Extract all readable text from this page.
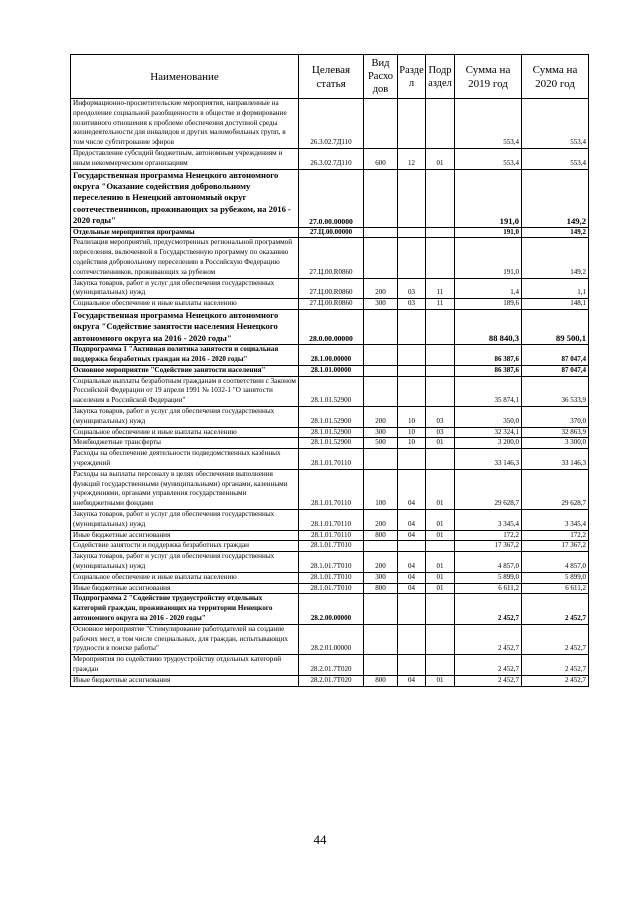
Наименование	Целевая статья	Вид Расхо дов	Разде л	Подр аздел	Сумма на 2019 год	Сумма на 2020 год
Информационно-просветительские мероприятия, направленные на преодоление социальной разобщенности в обществе и формирование позитивного отношения к проблеме обеспечения доступной среды жизнедеятельности для инвалидов и других маломобильных групп, в том числе субтитрование эфиров	26.3.02.7Д110				553,4	553,4
Предоставление субсидий бюджетным, автономным учреждениям и иным некоммерческим организациям	26.3.02.7Д110	600	12	01	553,4	553,4
Государственная программа Ненецкого автономного округа "Оказание содействия добровольному переселению в Ненецкий автономный округ соотечественников, проживающих за рубежом, на 2016 - 2020 годы"	27.0.00.00000				191,0	149,2
Отдельные мероприятия программы	27.Ц.00.00000				191,0	149,2
Реализация мероприятий, предусмотренных региональной программой переселения, включенной в Государственную программу по оказанию содействия добровольному переселению в Российскую Федерацию соотечественников, проживающих за рубежом	27.Ц.00.R0860				191,0	149,2
Закупка товаров, работ и услуг для обеспечения государственных (муниципальных) нужд	27.Ц.00.R0860	200	03	11	1,4	1,1
Социальное обеспечение и иные выплаты населению	27.Ц.00.R0860	300	03	11	189,6	148,1
Государственная программа Ненецкого автономного округа "Содействие занятости населения Ненецкого автономного округа на 2016 - 2020 годы"	28.0.00.00000				88 840,3	89 500,1
Подпрограмма 1 "Активная политика занятости и социальная поддержка безработных граждан на 2016 - 2020 годы"	28.1.00.00000				86 387,6	87 047,4
Основное мероприятие "Содействие занятости населения"	28.1.01.00000				86 387,6	87 047,4
Социальные выплаты безработным гражданам в соответствии с Законом Российской Федерации от 19 апреля 1991 № 1032-1 "О занятости населения в Российской Федерации"	28.1.01.52900				35 874,1	36 533,9
Закупка товаров, работ и услуг для обеспечения государственных (муниципальных) нужд	28.1.01.52900	200	10	03	350,0	370,0
Социальное обеспечение и иные выплаты населению	28.1.01.52900	300	10	03	32 324,1	32 863,9
Межбюджетные трансферты	28.1.01.52900	500	10	01	3 200,0	3 300,0
Расходы на обеспечение деятельности подведомственных казённых учреждений	28.1.01.70110				33 146,3	33 146,3
Расходы на выплаты персоналу в целях обеспечения выполнения функций государственными (муниципальными) органами, казенными учреждениями, органами управления государственными внебюджетными фондами	28.1.01.70110	100	04	01	29 628,7	29 628,7
Закупка товаров, работ и услуг для обеспечения государственных (муниципальных) нужд	28.1.01.70110	200	04	01	3 345,4	3 345,4
Иные бюджетные ассигнования	28.1.01.70110	800	04	01	172,2	172,2
Содействие занятости и поддержка безработных граждан	28.1.01.7Т010				17 367,2	17 367,2
Закупка товаров, работ и услуг для обеспечения государственных (муниципальных) нужд	28.1.01.7Т010	200	04	01	4 857,0	4 857,0
Социальное обеспечение и иные выплаты населению	28.1.01.7Т010	300	04	01	5 899,0	5 899,0
Иные бюджетные ассигнования	28.1.01.7Т010	800	04	01	6 611,2	6 611,2
Подпрограмма 2 "Содействие трудоустройству отдельных категорий граждан, проживающих на территории Ненецкого автономного округа на 2016 - 2020 годы"	28.2.00.00000				2 452,7	2 452,7
Основное мероприятие "Стимулирование работодателей на создание рабочих мест, в том числе специальных, для граждан, испытывающих трудности в поиске работы"	28.2.01.00000				2 452,7	2 452,7
Мероприятия по содействию трудоустройству отдельных категорий граждан	28.2.01.7Т020				2 452,7	2 452,7
Иные бюджетные ассигнования	28.2.01.7Т020	800	04	01	2 452,7	2 452,7
44
